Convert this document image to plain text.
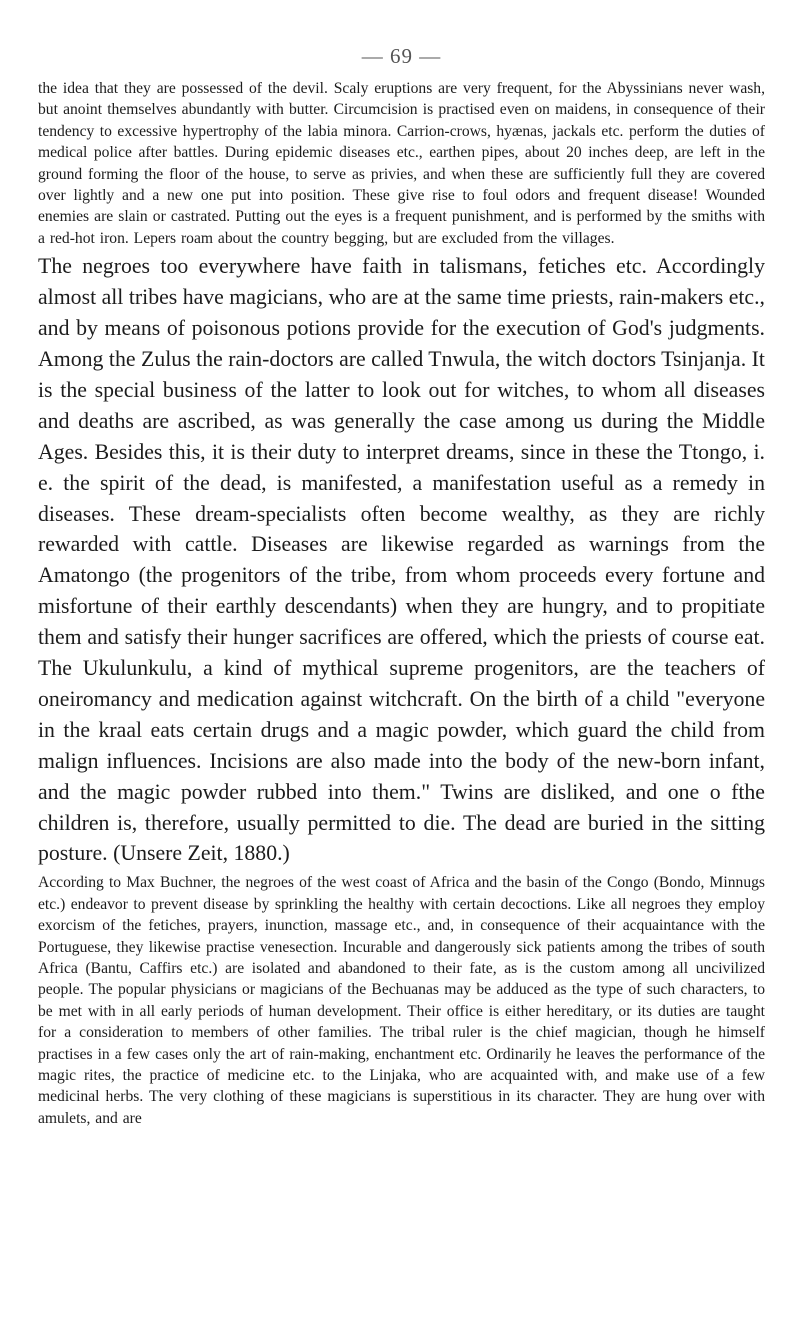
— 69 —

the idea that they are possessed of the devil. Scaly eruptions are very frequent, for the Abyssinians never wash, but anoint themselves abundantly with butter. Circumcision is practised even on maidens, in consequence of their tendency to excessive hypertrophy of the labia minora. Carrion-crows, hyænas, jackals etc. perform the duties of medical police after battles. During epidemic diseases etc., earthen pipes, about 20 inches deep, are left in the ground forming the floor of the house, to serve as privies, and when these are sufficiently full they are covered over lightly and a new one put into position. These give rise to foul odors and frequent disease! Wounded enemies are slain or castrated. Putting out the eyes is a frequent punishment, and is performed by the smiths with a red-hot iron. Lepers roam about the country begging, but are excluded from the villages.

The negroes too everywhere have faith in talismans, fetiches etc. Accordingly almost all tribes have magicians, who are at the same time priests, rain-makers etc., and by means of poisonous potions provide for the execution of God's judgments. Among the Zulus the rain-doctors are called Tnwula, the witch doctors Tsinjanja. It is the special business of the latter to look out for witches, to whom all diseases and deaths are ascribed, as was generally the case among us during the Middle Ages. Besides this, it is their duty to interpret dreams, since in these the Ttongo, i. e. the spirit of the dead, is manifested, a manifestation useful as a remedy in diseases. These dream-specialists often become wealthy, as they are richly rewarded with cattle. Diseases are likewise regarded as warnings from the Amatongo (the progenitors of the tribe, from whom proceeds every fortune and misfortune of their earthly descendants) when they are hungry, and to propitiate them and satisfy their hunger sacrifices are offered, which the priests of course eat. The Ukulunkulu, a kind of mythical supreme progenitors, are the teachers of oneiromancy and medication against witchcraft. On the birth of a child "everyone in the kraal eats certain drugs and a magic powder, which guard the child from malign influences. Incisions are also made into the body of the new-born infant, and the magic powder rubbed into them." Twins are disliked, and one o fthe children is, therefore, usually permitted to die. The dead are buried in the sitting posture. (Unsere Zeit, 1880.)

According to Max Buchner, the negroes of the west coast of Africa and the basin of the Congo (Bondo, Minnugs etc.) endeavor to prevent disease by sprinkling the healthy with certain decoctions. Like all negroes they employ exorcism of the fetiches, prayers, inunction, massage etc., and, in consequence of their acquaintance with the Portuguese, they likewise practise venesection. Incurable and dangerously sick patients among the tribes of south Africa (Bantu, Caffirs etc.) are isolated and abandoned to their fate, as is the custom among all uncivilized people. The popular physicians or magicians of the Bechuanas may be adduced as the type of such characters, to be met with in all early periods of human development. Their office is either hereditary, or its duties are taught for a consideration to members of other families. The tribal ruler is the chief magician, though he himself practises in a few cases only the art of rain-making, enchantment etc. Ordinarily he leaves the performance of the magic rites, the practice of medicine etc. to the Linjaka, who are acquainted with, and make use of a few medicinal herbs. The very clothing of these magicians is superstitious in its character. They are hung over with amulets, and are
